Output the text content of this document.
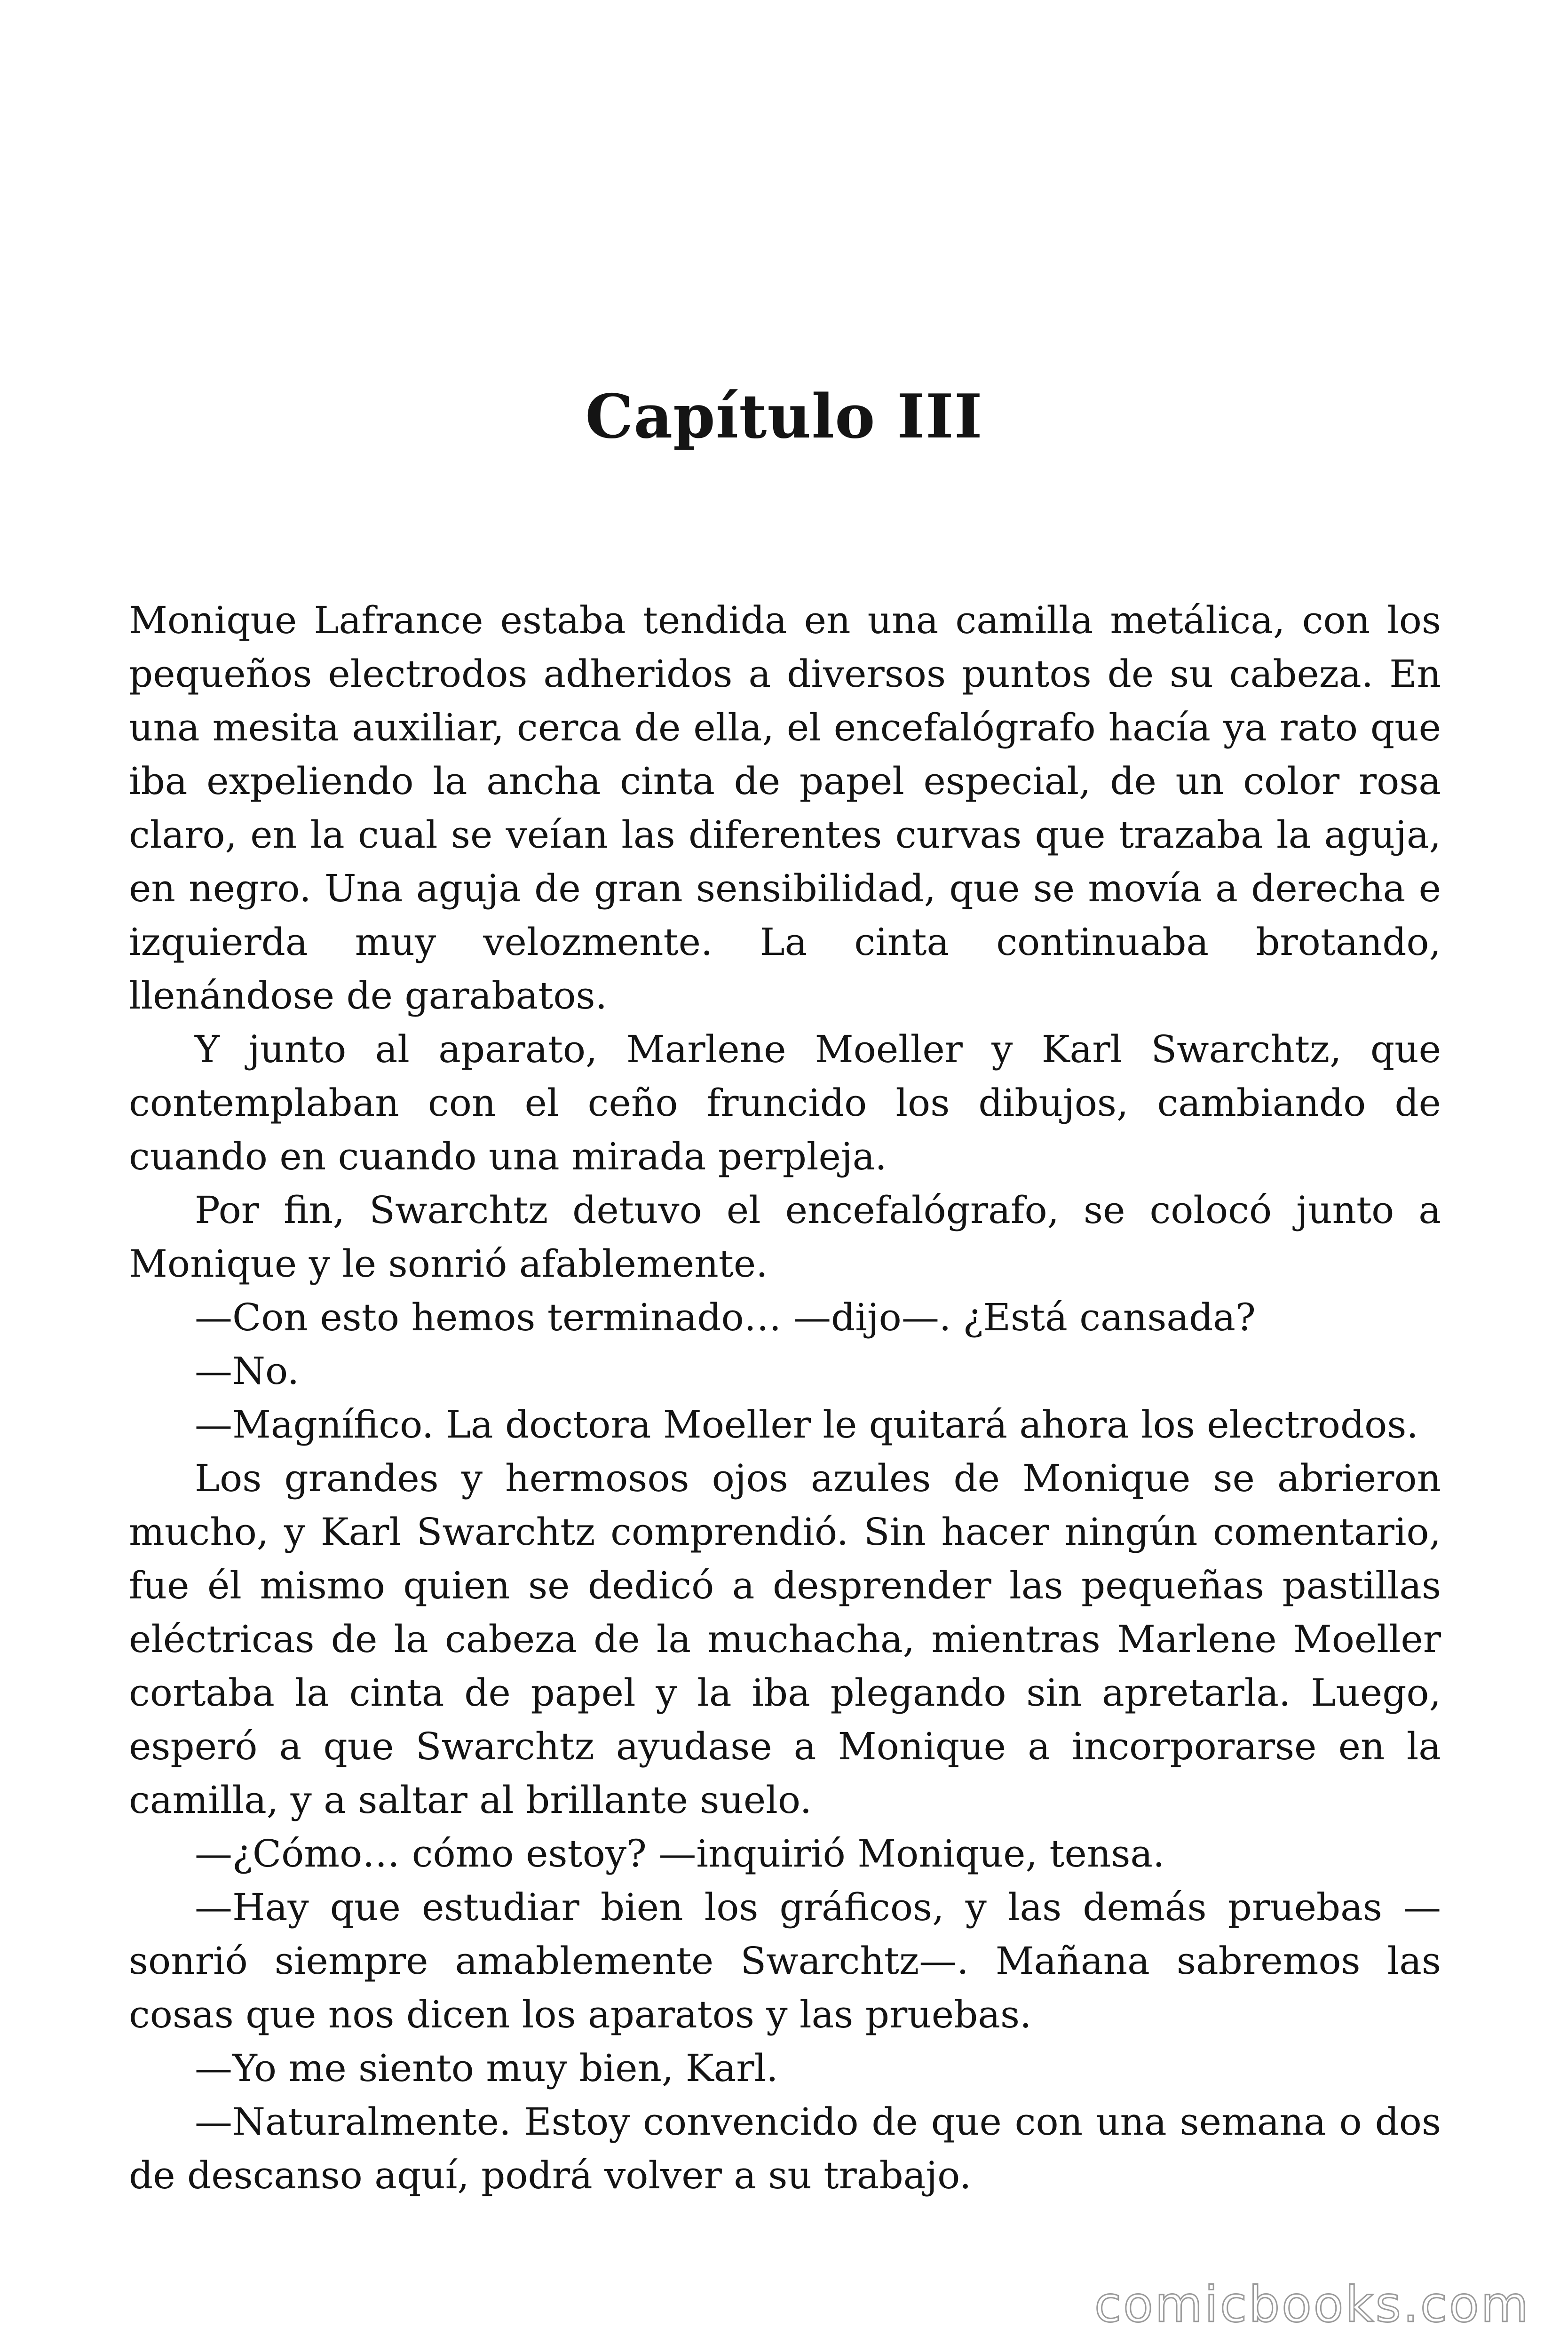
Capítulo III

Monique Lafrance estaba tendida en una camilla metálica, con los pequeños electrodos adheridos a diversos puntos de su cabeza. En una mesita auxiliar, cerca de ella, el encefalógrafo hacía ya rato que iba expeliendo la ancha cinta de papel especial, de un color rosa claro, en la cual se veían las diferentes curvas que trazaba la aguja, en negro. Una aguja de gran sensibilidad, que se movía a derecha e izquierda muy velozmente. La cinta continuaba brotando, llenándose de garabatos.

Y junto al aparato, Marlene Moeller y Karl Swarchtz, que contemplaban con el ceño fruncido los dibujos, cambiando de cuando en cuando una mirada perpleja.

Por fin, Swarchtz detuvo el encefalógrafo, se colocó junto a Monique y le sonrió afablemente.

—Con esto hemos terminado… —dijo—. ¿Está cansada?

—No.

—Magnífico. La doctora Moeller le quitará ahora los electrodos.

Los grandes y hermosos ojos azules de Monique se abrieron mucho, y Karl Swarchtz comprendió. Sin hacer ningún comentario, fue él mismo quien se dedicó a desprender las pequeñas pastillas eléctricas de la cabeza de la muchacha, mientras Marlene Moeller cortaba la cinta de papel y la iba plegando sin apretarla. Luego, esperó a que Swarchtz ayudase a Monique a incorporarse en la camilla, y a saltar al brillante suelo.

—¿Cómo… cómo estoy? —inquirió Monique, tensa.

—Hay que estudiar bien los gráficos, y las demás pruebas — sonrió siempre amablemente Swarchtz—. Mañana sabremos las cosas que nos dicen los aparatos y las pruebas.

—Yo me siento muy bien, Karl.

—Naturalmente. Estoy convencido de que con una semana o dos de descanso aquí, podrá volver a su trabajo.

comicbooks.com
